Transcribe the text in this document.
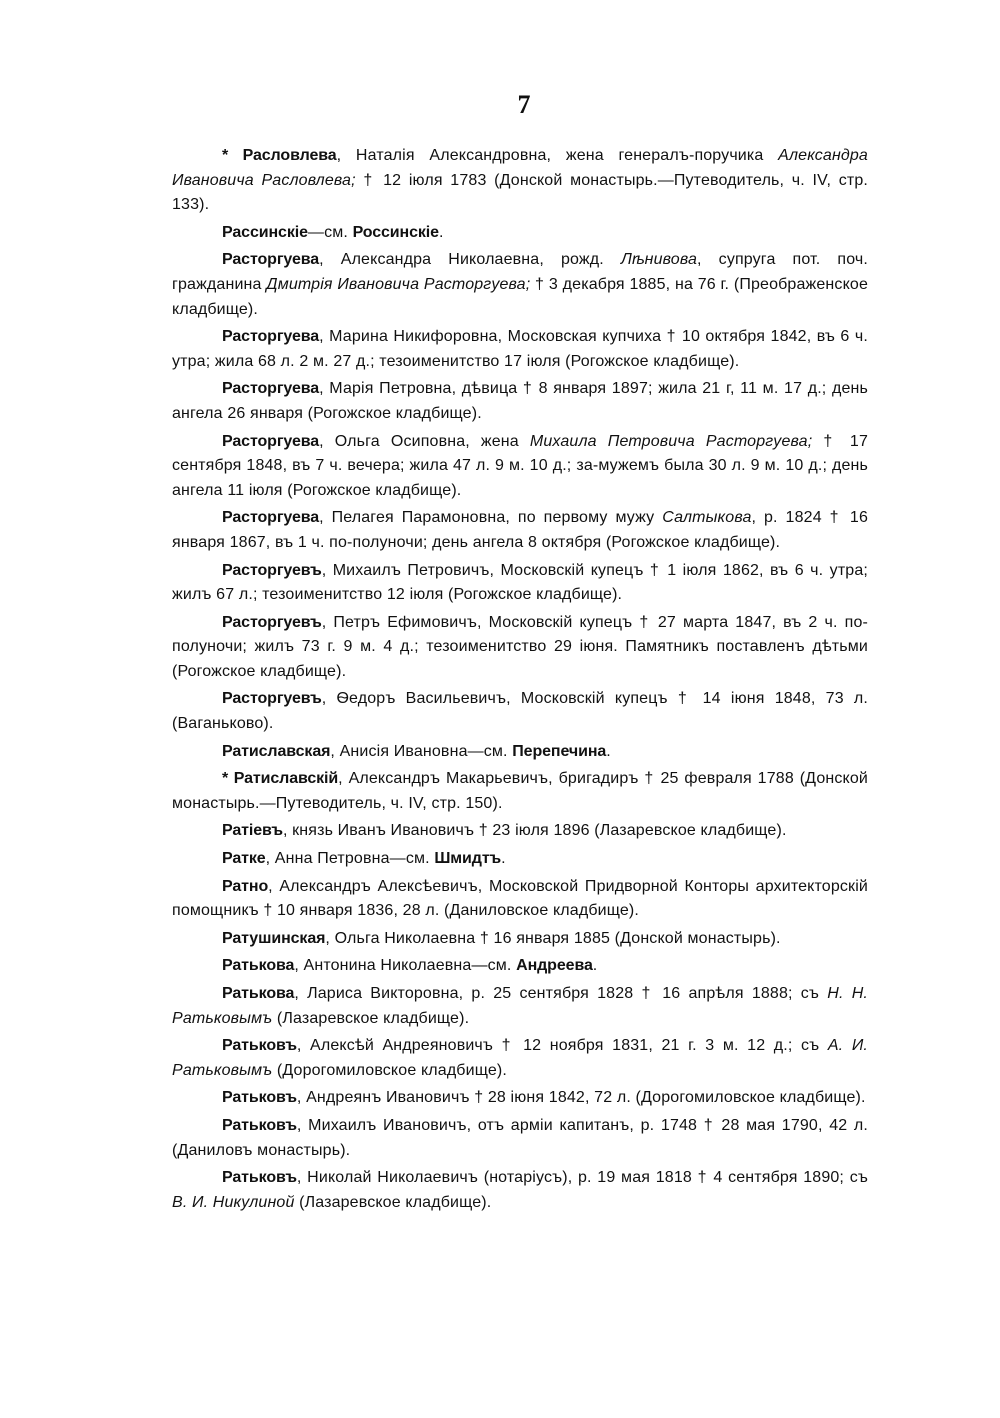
7

* Расловлева, Наталія Александровна, жена генералъ-поручика Александра Ивановича Расловлева; † 12 іюля 1783 (Донской монастырь.—Путеводитель, ч. IV, стр. 133).

Рассинскіе—см. Россинскіе.

Расторгуева, Александра Николаевна, рожд. Лѣнивова, супруга пот. поч. гражданина Дмитрія Ивановича Расторгуева; † 3 декабря 1885, на 76 г. (Преображенское кладбище).

Расторгуева, Марина Никифоровна, Московская купчиха † 10 октября 1842, въ 6 ч. утра; жила 68 л. 2 м. 27 д.; тезоименитство 17 іюля (Рогожское кладбище).

Расторгуева, Марія Петровна, дѣвица † 8 января 1897; жила 21 г, 11 м. 17 д.; день ангела 26 января (Рогожское кладбище).

Расторгуева, Ольга Осиповна, жена Михаила Петровича Расторгуева; † 17 сентября 1848, въ 7 ч. вечера; жила 47 л. 9 м. 10 д.; за-мужемъ была 30 л. 9 м. 10 д.; день ангела 11 іюля (Рогожское кладбище).

Расторгуева, Пелагея Парамоновна, по первому мужу Салтыкова, р. 1824 † 16 января 1867, въ 1 ч. по-полуночи; день ангела 8 октября (Рогожское кладбище).

Расторгуевъ, Михаилъ Петровичъ, Московскій купецъ † 1 іюля 1862, въ 6 ч. утра; жилъ 67 л.; тезоименитство 12 іюля (Рогожское кладбище).

Расторгуевъ, Петръ Ефимовичъ, Московскій купецъ † 27 марта 1847, въ 2 ч. по-полуночи; жилъ 73 г. 9 м. 4 д.; тезоименитство 29 іюня. Памятникъ поставленъ дѣтьми (Рогожское кладбище).

Расторгуевъ, Ѳедоръ Васильевичъ, Московскій купецъ † 14 іюня 1848, 73 л. (Ваганьково).

Ратиславская, Анисія Ивановна—см. Перепечина.

* Ратиславскій, Александръ Макарьевичъ, бригадиръ † 25 февраля 1788 (Донской монастырь.—Путеводитель, ч. IV, стр. 150).

Ратіевъ, князь Иванъ Ивановичъ † 23 іюля 1896 (Лазаревское кладбище).

Ратке, Анна Петровна—см. Шмидтъ.

Ратно, Александръ Алексѣевичъ, Московской Придворной Конторы архитекторскій помощникъ † 10 января 1836, 28 л. (Даниловское кладбище).

Ратушинская, Ольга Николаевна † 16 января 1885 (Донской монастырь).

Ратькова, Антонина Николаевна—см. Андреева.

Ратькова, Лариса Викторовна, р. 25 сентября 1828 † 16 апрѣля 1888; съ Н. Н. Ратьковымъ (Лазаревское кладбище).

Ратьковъ, Алексѣй Андреяновичъ † 12 ноября 1831, 21 г. 3 м. 12 д.; съ А. И. Ратьковымъ (Дорогомиловское кладбище).

Ратьковъ, Андреянъ Ивановичъ † 28 іюня 1842, 72 л. (Дорогомиловское кладбище).

Ратьковъ, Михаилъ Ивановичъ, отъ арміи капитанъ, р. 1748 † 28 мая 1790, 42 л. (Даниловъ монастырь).

Ратьковъ, Николай Николаевичъ (нотаріусъ), р. 19 мая 1818 † 4 сентября 1890; съ В. И. Никулиной (Лазаревское кладбище).
